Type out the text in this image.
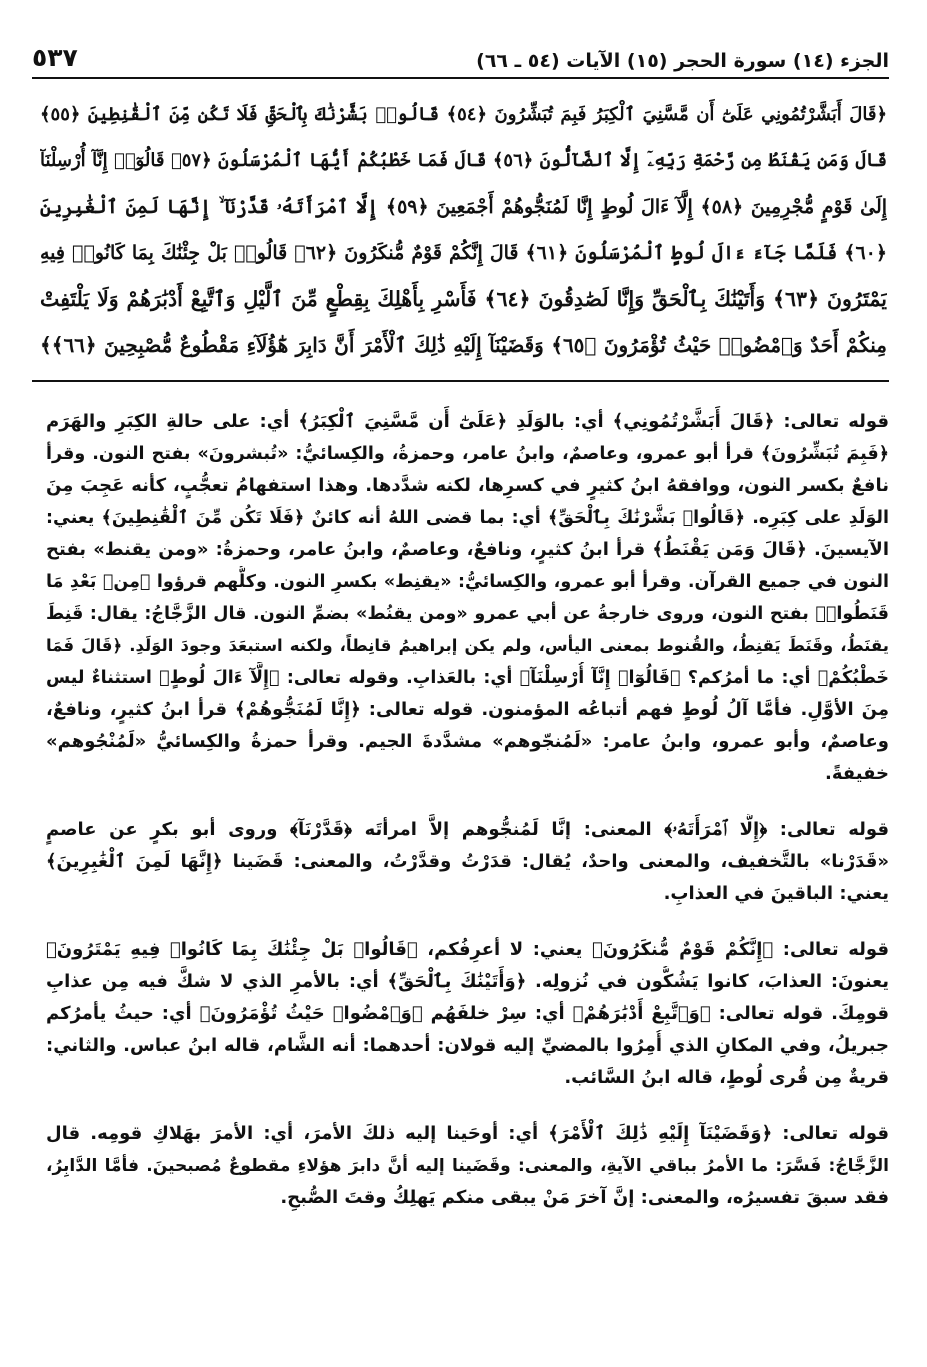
الجزء (١٤) سورة الحجر (١٥) الآيات (٥٤ ـ ٦٦)
٥٣٧
﴿قَالَ أَبَشَّرْتُمُونِي عَلَىٰٓ أَن مَّسَّنِيَ ٱلْكِبَرُ فَبِمَ تُبَشِّرُونَ ﴿٥٤﴾ قَالُوا۟ بَشَّرْنَٰكَ بِٱلْحَقِّ فَلَا تَكُن مِّنَ ٱلْقَٰنِطِينَ ﴿٥٥﴾
قَالَ وَمَن يَقْنَطُ مِن رَّحْمَةِ رَبِّهِۦٓ إِلَّا ٱلضَّآلُّونَ ﴿٥٦﴾ قَالَ فَمَا خَطْبُكُمْ أَيُّهَا ٱلْمُرْسَلُونَ ﴿٥٧﴾ قَالُوٓا۟ إِنَّآ أُرْسِلْنَآ
إِلَىٰ قَوْمٍ مُّجْرِمِينَ ﴿٥٨﴾ إِلَّآ ءَالَ لُوطٍ إِنَّا لَمُنَجُّوهُمْ أَجْمَعِينَ ﴿٥٩﴾ إِلَّا ٱمْرَأَتَهُۥ قَدَّرْنَآ ۙ إِنَّهَا لَمِنَ ٱلْغَٰبِرِينَ
﴿٦٠﴾ فَلَمَّا جَآءَ ءَالَ لُوطٍ ٱلْمُرْسَلُونَ ﴿٦١﴾ قَالَ إِنَّكُمْ قَوْمٌ مُّنكَرُونَ ﴿٦٢﴾ قَالُوا۟ بَلْ جِئْنَٰكَ بِمَا كَانُوا۟ فِيهِ
يَمْتَرُونَ ﴿٦٣﴾ وَأَتَيْنَٰكَ بِٱلْحَقِّ وَإِنَّا لَصَٰدِقُونَ ﴿٦٤﴾ فَأَسْرِ بِأَهْلِكَ بِقِطْعٍ مِّنَ ٱلَّيْلِ وَٱتَّبِعْ أَدْبَٰرَهُمْ وَلَا يَلْتَفِتْ
مِنكُمْ أَحَدٌ وَٱمْضُوا۟ حَيْثُ تُؤْمَرُونَ ﴿٦٥﴾ وَقَضَيْنَآ إِلَيْهِ ذَٰلِكَ ٱلْأَمْرَ أَنَّ دَابِرَ هَٰٓؤُلَآءِ مَقْطُوعٌ مُّصْبِحِينَ ﴿٦٦﴾﴾
قوله تعالى: ﴿قَالَ أَبَشَّرْتُمُونِي﴾ أي: بالوَلَدِ ﴿عَلَىٰٓ أَن مَّسَّنِيَ ٱلْكِبَرُ﴾ أي: على حالةِ الكِبَرِ والهَرَم
﴿فَبِمَ تُبَشِّرُونَ﴾ قرأ أبو عمرو، وعاصمٌ، وابنُ عامر، وحمزةُ، والكِسائيُّ: «تُبشرونَ» بفتح النون. وقرأ
نافعٌ بكسر النون، ووافقهُ ابنُ كثيرٍ في كسرِها، لكنه شدَّدها. وهذا استفهامُ تعجُّبٍ، كأنه عَجِبَ مِنَ
الوَلَدِ على كِبَرِه. ﴿قَالُوا۟ بَشَّرْنَٰكَ بِٱلْحَقِّ﴾ أي: بما قضى اللهُ أنه كائنٌ ﴿فَلَا تَكُن مِّنَ ٱلْقَٰنِطِينَ﴾ يعني:
الآيسينَ. ﴿قَالَ وَمَن يَقْنَطُ﴾ قرأ ابنُ كثيرٍ، ونافعٌ، وعاصمٌ، وابنُ عامر، وحمزةُ: «ومن يقنط» بفتح
النون في جميع القرآن. وقرأ أبو عمرو، والكِسائيُّ: «يقنِط» بكسرِ النون. وكلُّهم قرؤوا ﴿مِنۢ بَعْدِ مَا
قَنَطُوا۟﴾ بفتح النون، وروى خارجةُ عن أبي عمرو «ومن يقنُط» بضمِّ النون. قال الزَّجَّاجُ: يقال: قَنِطَ
يقنَطُ، وقَنَطَ يَقنِطُ، والقُنوط بمعنى اليأس، ولم يكن إبراهيمُ قانِطاً، ولكنه استبعَدَ وجودَ الوَلَدِ. ﴿قَالَ فَمَا
خَطْبُكُمْ﴾ أي: ما أمرُكم؟ ﴿قَالُوٓا۟ إِنَّآ أُرْسِلْنَآ﴾ أي: بالعَذابِ. وقوله تعالى: ﴿إِلَّآ ءَالَ لُوطٍ﴾ استثناءٌ ليس
مِنَ الأوَّلِ. فأمَّا آلُ لُوطٍ فهم أتباعُه المؤمنون. قوله تعالى: ﴿إِنَّا لَمُنَجُّوهُمْ﴾ قرأ ابنُ كثيرٍ، ونافعٌ،
وعاصمٌ، وأبو عمرو، وابنُ عامر: «لَمُنجّوهم» مشدَّدةَ الجيم. وقرأ حمزةُ والكِسائيُّ «لَمُنْجُوهم»
خفيفةً.
قوله تعالى: ﴿إِلَّا ٱمْرَأَتَهُۥ﴾ المعنى: إنَّا لَمُنجُّوهم إلاَّ امرأتَه ﴿قَدَّرْنَآ﴾ وروى أبو بكرٍ عن عاصمٍ
«قَدَرْنا» بالتَّخفيف، والمعنى واحدٌ، يُقال: قدَرْتُ وقدَّرْتُ، والمعنى: قَضَينا ﴿إِنَّهَا لَمِنَ ٱلْغَٰبِرِينَ﴾
يعني: الباقينَ في العذابِ.
قوله تعالى: ﴿إِنَّكُمْ قَوْمٌ مُّنكَرُونَ﴾ يعني: لا أعرِفُكم، ﴿قَالُوا۟ بَلْ جِئْنَٰكَ بِمَا كَانُوا۟ فِيهِ يَمْتَرُونَ﴾
يعنونَ: العذابَ، كانوا يَشُكُّون في نُزولِه. ﴿وَأَتَيْنَٰكَ بِٱلْحَقِّ﴾ أي: بالأمرِ الذي لا شكَّ فيه مِن عذابِ
قومِكَ. قوله تعالى: ﴿وَٱتَّبِعْ أَدْبَٰرَهُمْ﴾ أي: سِرْ خلفَهُم ﴿وَٱمْضُوا۟ حَيْثُ تُؤْمَرُونَ﴾ أي: حيثُ يأمرُكم
جبريلُ، وفي المكانِ الذي أُمِرُوا بالمضيِّ إليه قولان: أحدهما: أنه الشَّام، قاله ابنُ عباس. والثاني:
قريةٌ مِن قُرى لُوطٍ، قاله ابنُ السَّائب.
قوله تعالى: ﴿وَقَضَيْنَآ إِلَيْهِ ذَٰلِكَ ٱلْأَمْرَ﴾ أي: أوحَينا إليه ذلكَ الأمرَ، أي: الأمرَ بهَلاكِ قومِه. قال
الزَّجَّاجُ: فَسَّرَ: ما الأمرُ بباقي الآيةِ، والمعنى: وقَضَينا إليه أنَّ دابرَ هؤلاءِ مقطوعٌ مُصبحينَ. فأمَّا الدَّابِرُ،
فقد سبقَ تفسيرُه، والمعنى: إنَّ آخرَ مَنْ يبقى منكم يَهلِكُ وقتَ الصُّبحِ.
